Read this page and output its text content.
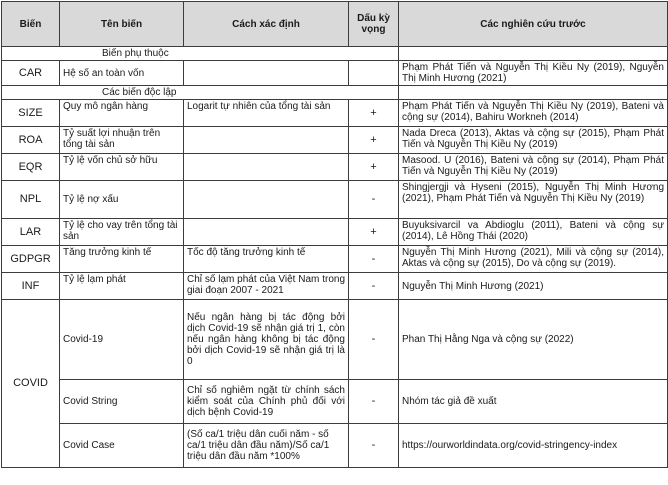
Biến	Tên biến	Cách xác định	Dấu kỳ vọng	Các nghiên cứu trước
Biến phụ thuộc				
CAR	Hệ số an toàn vốn			Phạm Phát Tiến và Nguyễn Thị Kiều Ny (2019), Nguyễn Thị Minh Hương (2021)
Các biến độc lập				
SIZE	Quy mô ngân hàng	Logarit tự nhiên của tổng tài sản	+	Phạm Phát Tiến và Nguyễn Thị Kiều Ny (2019), Bateni và cộng sự (2014), Bahiru Workneh (2014)
ROA	Tỷ suất lợi nhuận trên tổng tài sản		+	Nada Dreca (2013), Aktas và cộng sự (2015), Phạm Phát Tiến và Nguyễn Thị Kiều Ny (2019)
EQR	Tỷ lệ vốn chủ sở hữu		+	Masood. U (2016), Bateni và cộng sự (2014), Phạm Phát Tiến và Nguyễn Thị Kiều Ny (2019)
NPL	Tỷ lệ nợ xấu		-	Shingjergji và Hyseni (2015), Nguyễn Thị Minh Hương (2021), Phạm Phát Tiến và Nguyễn Thị Kiều Ny (2019)
LAR	Tỷ lệ cho vay trên tổng tài sản		+	Buyuksivarcil va Abdioglu (2011), Bateni và cộng sự (2014), Lê Hồng Thái (2020)
GDPGR	Tăng trưởng kinh tế	Tốc độ tăng trưởng kinh tế	-	Nguyễn Thị Minh Hương (2021), Mili và cộng sự (2014), Aktas và cộng sự (2015), Do và cộng sự (2019).
INF	Tỷ lệ lạm phát	Chỉ số lạm phát của Việt Nam trong giai đoạn 2007 - 2021	-	Nguyễn Thị Minh Hương (2021)
COVID	Covid-19	Nếu ngân hàng bị tác động bởi dịch Covid-19 sẽ nhận giá trị 1, còn nếu ngân hàng không bị tác động bởi dịch Covid-19 sẽ nhận giá trị là 0	-	Phan Thị Hằng Nga và cộng sự (2022)
	Covid String	Chỉ số nghiêm ngặt từ chính sách kiểm soát của Chính phủ đối với dịch bệnh Covid-19	-	Nhóm tác giả đề xuất
	Covid Case	(Số ca/1 triệu dân cuối năm - số ca/1 triệu dân đầu năm)/Số ca/1 triệu dân đầu năm *100%	-	https://ourworldindata.org/covid-stringency-index
